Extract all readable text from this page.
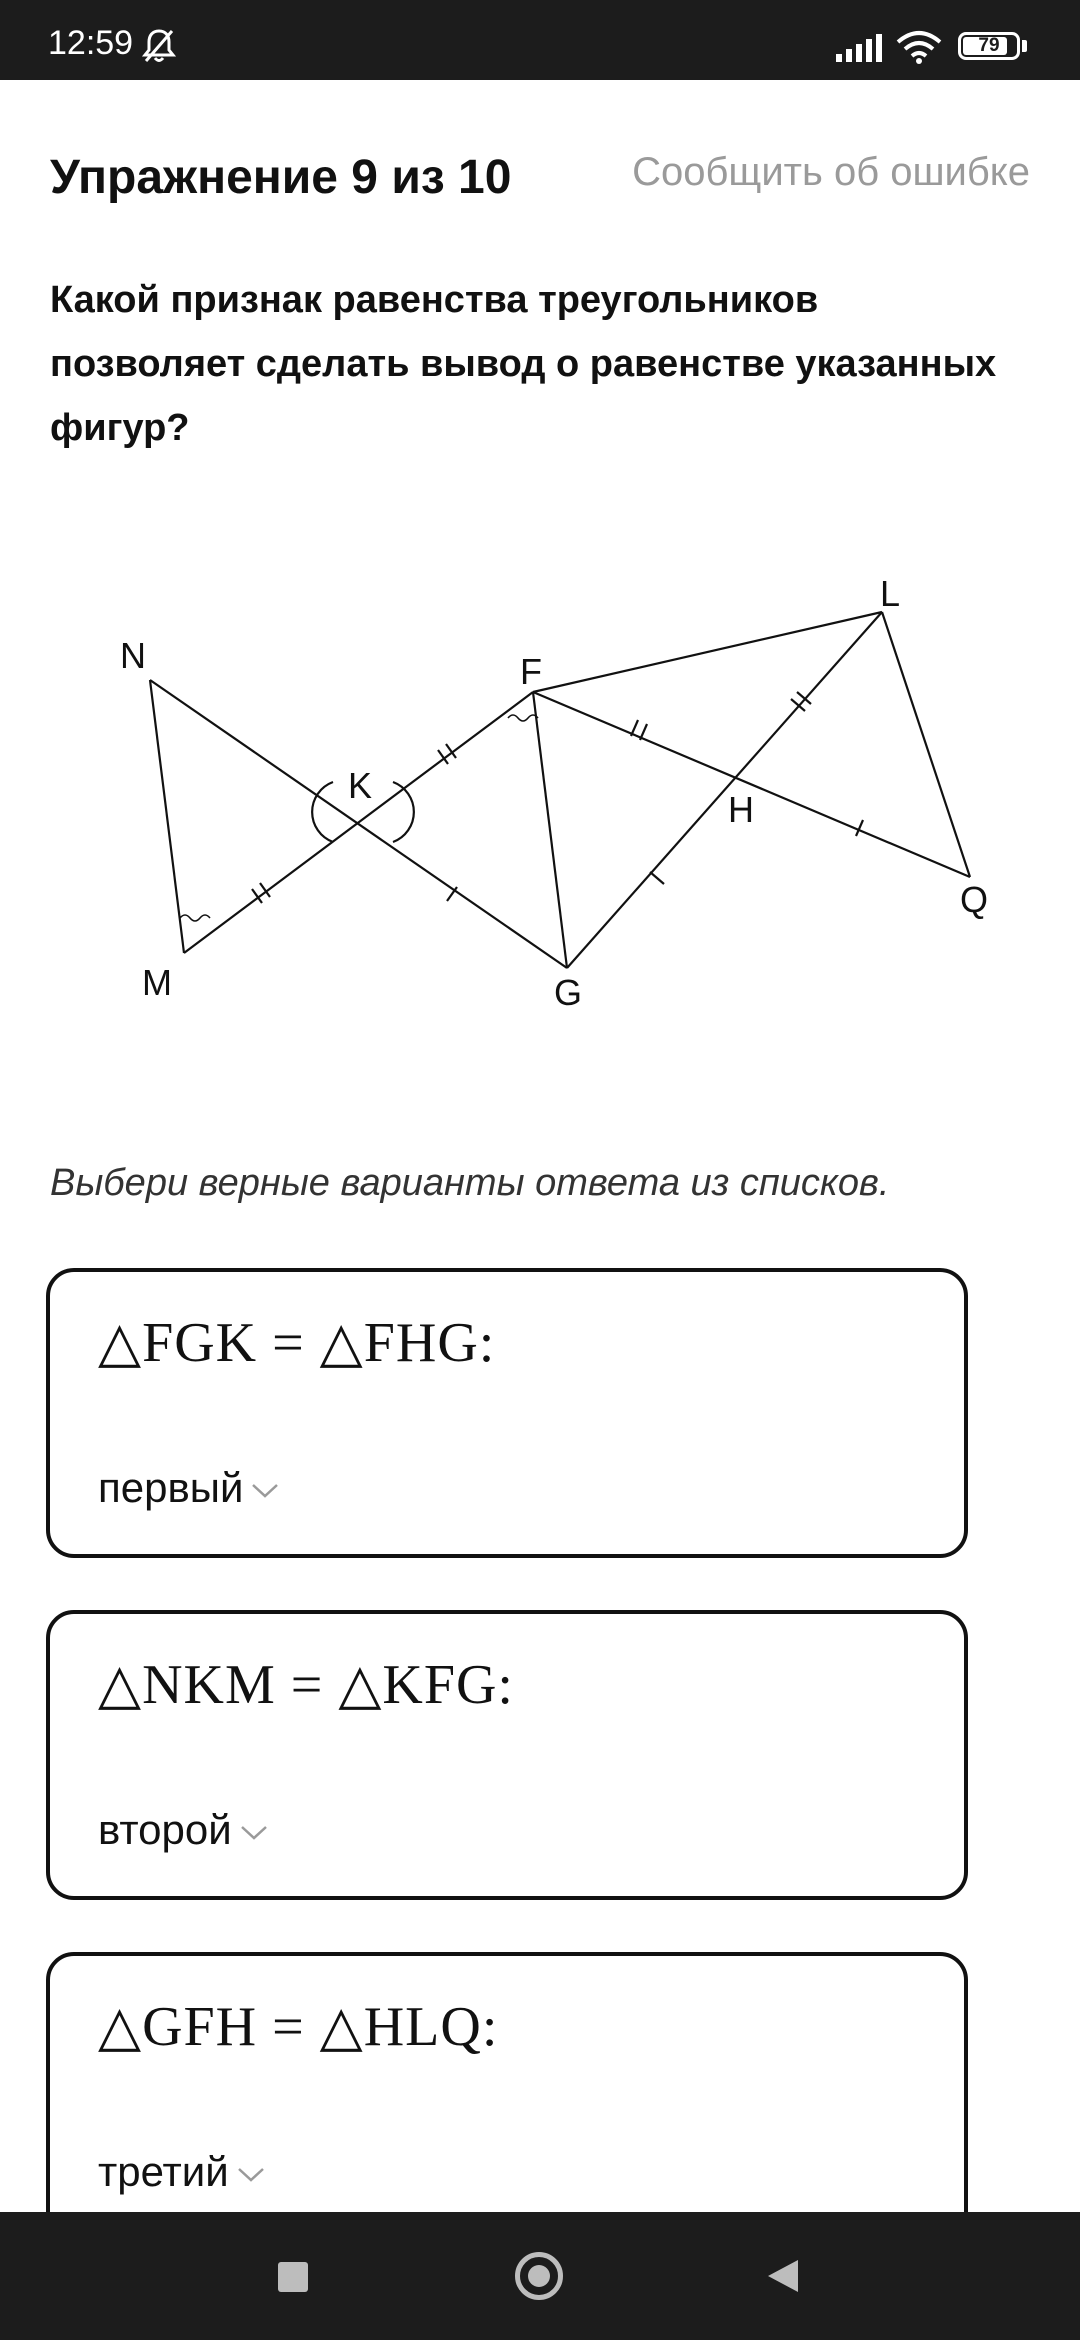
12:59	79
Упражнение 9 из 10	Сообщить об ошибке
Какой признак равенства треугольников позволяет сделать вывод о равенстве указанных фигур?
N
M
K
F
G
L
H
Q
Выбери верные варианты ответа из списков.
△FGK = △FHG:
первый
△NKM = △KFG:
второй
△GFH = △HLQ:
третий
